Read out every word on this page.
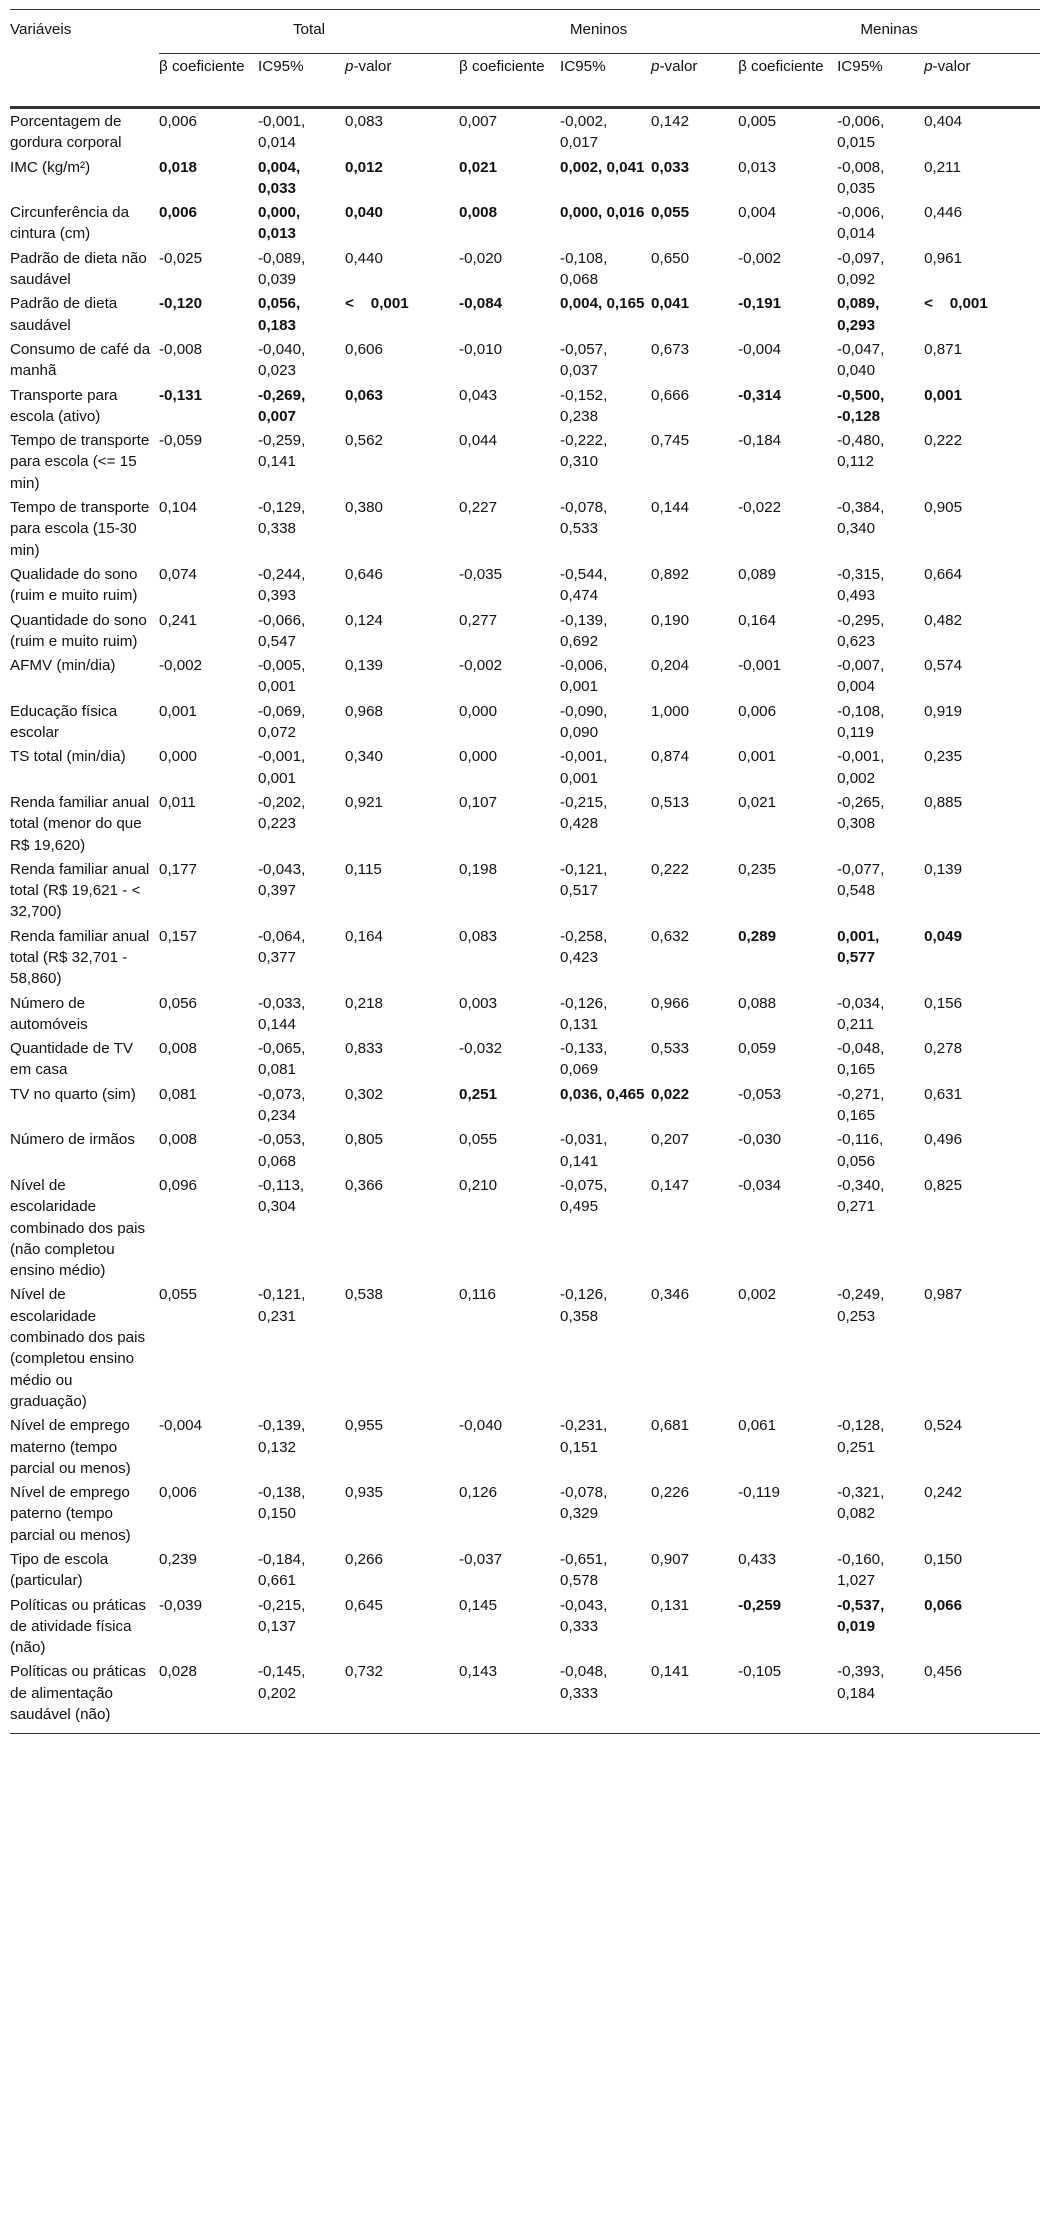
Variáveis	Total			Meninos			Meninas		
	β coeficiente	IC95%	p-valor	β coeficiente	IC95%	p-valor	β coeficiente	IC95%	p-valor
Porcentagem de gordura corporal	0,006	-0,001, 0,014	0,083	0,007	-0,002, 0,017	0,142	0,005	-0,006, 0,015	0,404
IMC (kg/m²)	0,018	0,004, 0,033	0,012	0,021	0,002, 0,041	0,033	0,013	-0,008, 0,035	0,211
Circunferência da cintura (cm)	0,006	0,000, 0,013	0,040	0,008	0,000, 0,016	0,055	0,004	-0,006, 0,014	0,446
Padrão de dieta não saudável	-0,025	-0,089, 0,039	0,440	-0,020	-0,108, 0,068	0,650	-0,002	-0,097, 0,092	0,961
Padrão de dieta saudável	-0,120	0,056, 0,183	<    0,001	-0,084	0,004, 0,165	0,041	-0,191	0,089, 0,293	<    0,001
Consumo de café da manhã	-0,008	-0,040, 0,023	0,606	-0,010	-0,057, 0,037	0,673	-0,004	-0,047, 0,040	0,871
Transporte para escola (ativo)	-0,131	-0,269, 0,007	0,063	0,043	-0,152, 0,238	0,666	-0,314	-0,500, -0,128	0,001
Tempo de transporte para escola (<= 15 min)	-0,059	-0,259, 0,141	0,562	0,044	-0,222, 0,310	0,745	-0,184	-0,480, 0,112	0,222
Tempo de transporte para escola (15-30 min)	0,104	-0,129, 0,338	0,380	0,227	-0,078, 0,533	0,144	-0,022	-0,384, 0,340	0,905
Qualidade do sono (ruim e muito ruim)	0,074	-0,244, 0,393	0,646	-0,035	-0,544, 0,474	0,892	0,089	-0,315, 0,493	0,664
Quantidade do sono (ruim e muito ruim)	0,241	-0,066, 0,547	0,124	0,277	-0,139, 0,692	0,190	0,164	-0,295, 0,623	0,482
AFMV (min/dia)	-0,002	-0,005, 0,001	0,139	-0,002	-0,006, 0,001	0,204	-0,001	-0,007, 0,004	0,574
Educação física escolar	0,001	-0,069, 0,072	0,968	0,000	-0,090, 0,090	1,000	0,006	-0,108, 0,119	0,919
TS total (min/dia)	0,000	-0,001, 0,001	0,340	0,000	-0,001, 0,001	0,874	0,001	-0,001, 0,002	0,235
Renda familiar anual total (menor do que R$ 19,620)	0,011	-0,202, 0,223	0,921	0,107	-0,215, 0,428	0,513	0,021	-0,265, 0,308	0,885
Renda familiar anual total (R$ 19,621 - < 32,700)	0,177	-0,043, 0,397	0,115	0,198	-0,121, 0,517	0,222	0,235	-0,077, 0,548	0,139
Renda familiar anual total (R$ 32,701 - 58,860)	0,157	-0,064, 0,377	0,164	0,083	-0,258, 0,423	0,632	0,289	0,001, 0,577	0,049
Número de automóveis	0,056	-0,033, 0,144	0,218	0,003	-0,126, 0,131	0,966	0,088	-0,034, 0,211	0,156
Quantidade de TV em casa	0,008	-0,065, 0,081	0,833	-0,032	-0,133, 0,069	0,533	0,059	-0,048, 0,165	0,278
TV no quarto (sim)	0,081	-0,073, 0,234	0,302	0,251	0,036, 0,465	0,022	-0,053	-0,271, 0,165	0,631
Número de irmãos	0,008	-0,053, 0,068	0,805	0,055	-0,031, 0,141	0,207	-0,030	-0,116, 0,056	0,496
Nível de escolaridade combinado dos pais (não completou ensino médio)	0,096	-0,113, 0,304	0,366	0,210	-0,075, 0,495	0,147	-0,034	-0,340, 0,271	0,825
Nível de escolaridade combinado dos pais (completou ensino médio ou graduação)	0,055	-0,121, 0,231	0,538	0,116	-0,126, 0,358	0,346	0,002	-0,249, 0,253	0,987
Nível de emprego materno (tempo parcial ou menos)	-0,004	-0,139, 0,132	0,955	-0,040	-0,231, 0,151	0,681	0,061	-0,128, 0,251	0,524
Nível de emprego paterno (tempo parcial ou menos)	0,006	-0,138, 0,150	0,935	0,126	-0,078, 0,329	0,226	-0,119	-0,321, 0,082	0,242
Tipo de escola (particular)	0,239	-0,184, 0,661	0,266	-0,037	-0,651, 0,578	0,907	0,433	-0,160, 1,027	0,150
Políticas ou práticas de atividade física (não)	-0,039	-0,215, 0,137	0,645	0,145	-0,043, 0,333	0,131	-0,259	-0,537, 0,019	0,066
Políticas ou práticas de alimentação saudável (não)	0,028	-0,145, 0,202	0,732	0,143	-0,048, 0,333	0,141	-0,105	-0,393, 0,184	0,456
